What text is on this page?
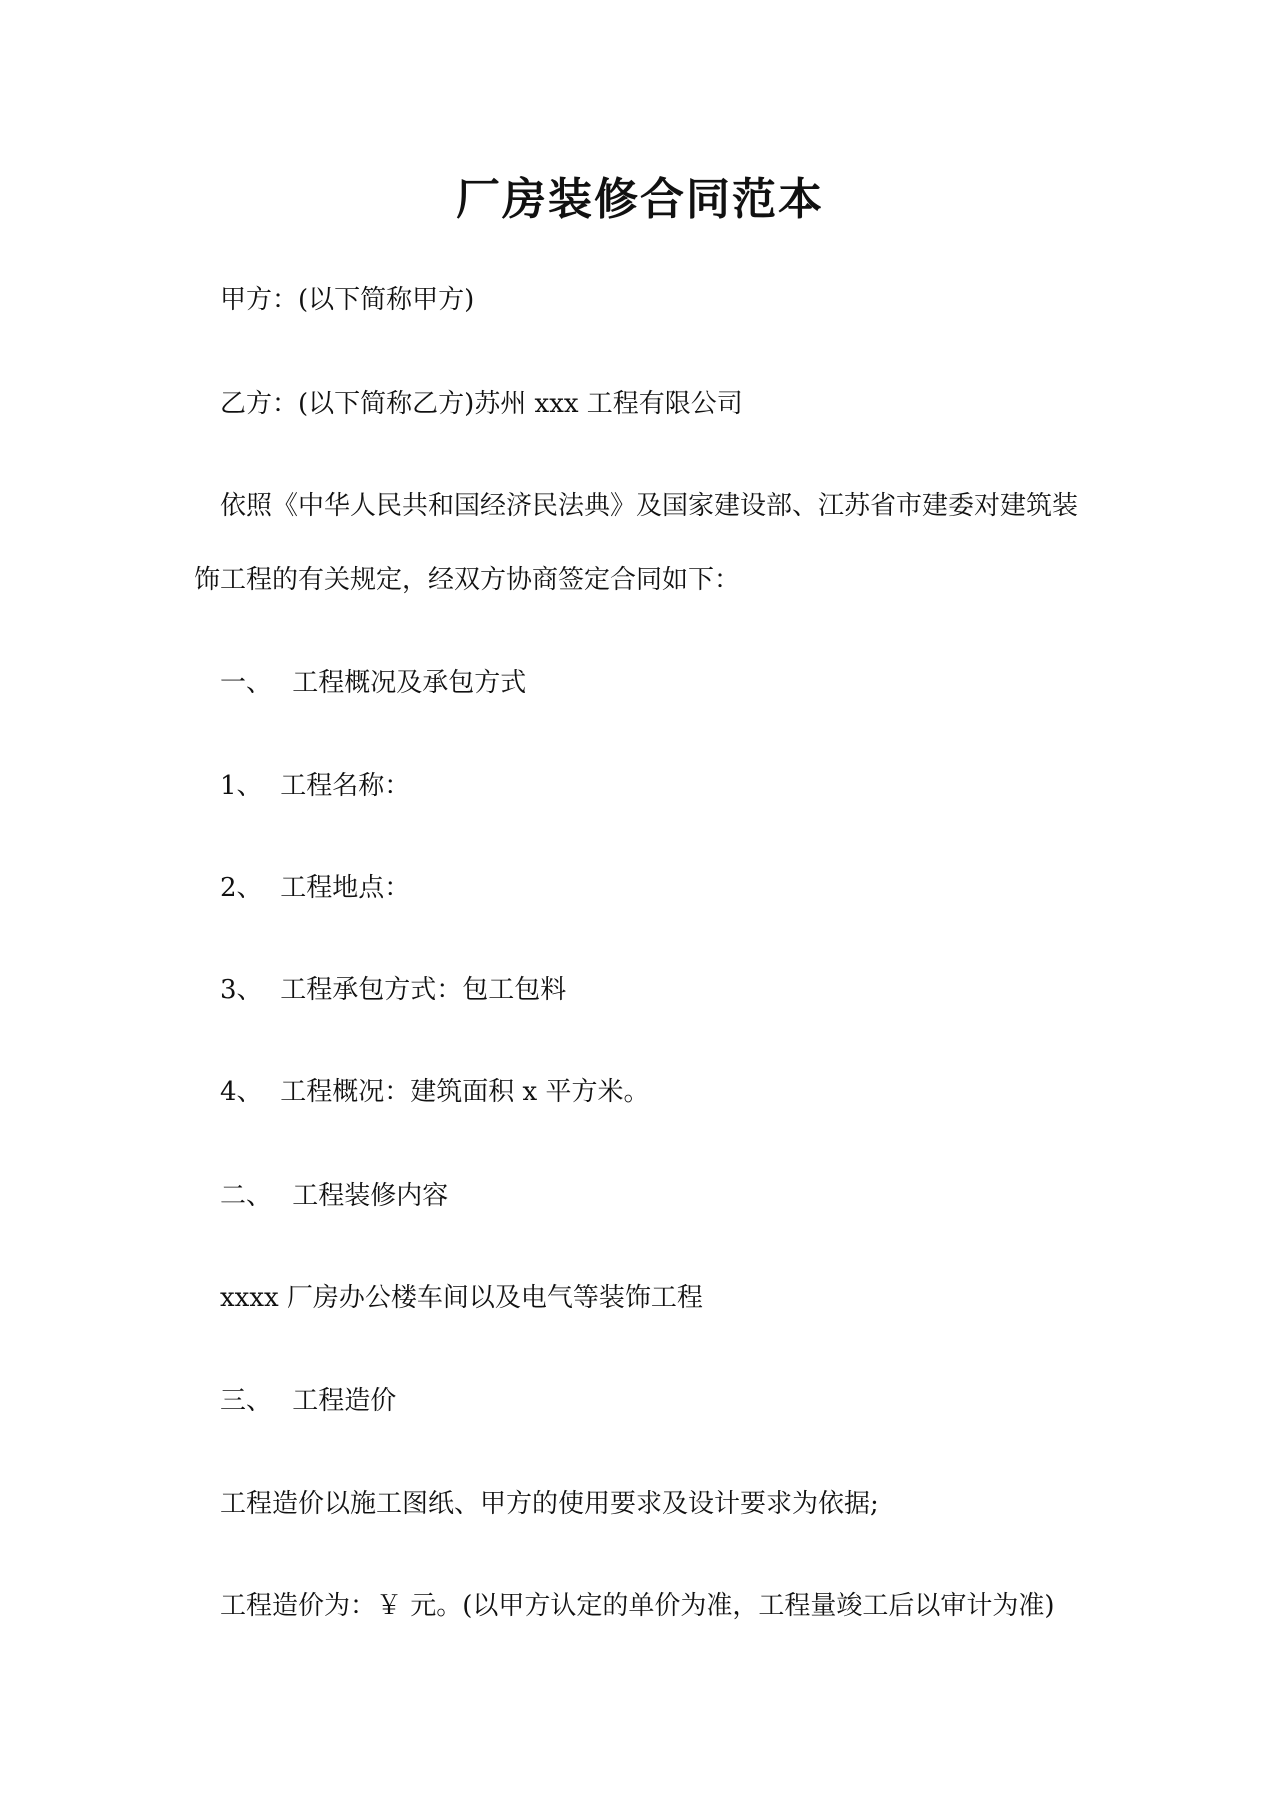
厂房装修合同范本
甲方：(以下简称甲方)
乙方：(以下简称乙方)苏州 xxx 工程有限公司
依照《中华人民共和国经济民法典》及国家建设部、江苏省市建委对建筑装
饰工程的有关规定，经双方协商签定合同如下：
一、 工程概况及承包方式
1、 工程名称：
2、 工程地点：
3、 工程承包方式：包工包料
4、 工程概况：建筑面积 x 平方米。
二、 工程装修内容
xxxx 厂房办公楼车间以及电气等装饰工程
三、 工程造价
工程造价以施工图纸、甲方的使用要求及设计要求为依据;
工程造价为：￥ 元。(以甲方认定的单价为准，工程量竣工后以审计为准)
